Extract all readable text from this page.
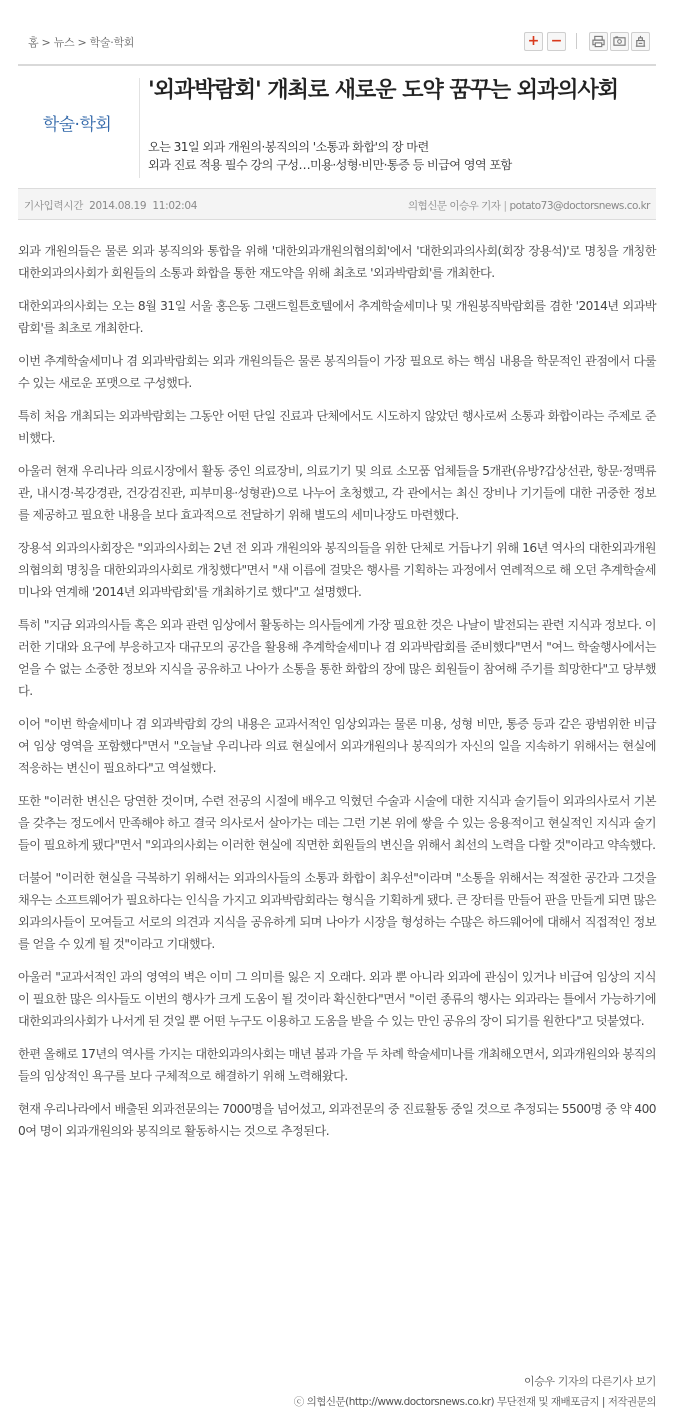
홈 > 뉴스 > 학술·학회	+ −
학술·학회
'외과박람회' 개최로 새로운 도약 꿈꾸는 외과의사회
오는 31일 외과 개원의·봉직의의 '소통과 화합'의 장 마련
외과 진료 적용 필수 강의 구성…미용·성형·비만·통증 등 비급여 영역 포함
기사입력시간 2014.08.19 11:02:04	의협신문 이승우 기자 | potato73@doctorsnews.co.kr

외과 개원의들은 물론 외과 봉직의와 통합을 위해 '대한외과개원의협의회'에서 '대한외과의사회(회장 장용석)'로 명칭을 개칭한 대한외과의사회가 회원들의 소통과 화합을 통한 재도약을 위해 최초로 '외과박람회'를 개최한다.

대한외과의사회는 오는 8월 31일 서울 홍은동 그랜드힐튼호텔에서 추계학술세미나 및 개원봉직박람회를 겸한 '2014년 외과박람회'를 최초로 개최한다.

이번 추계학술세미나 겸 외과박람회는 외과 개원의들은 물론 봉직의들이 가장 필요로 하는 핵심 내용을 학문적인 관점에서 다룰 수 있는 새로운 포맷으로 구성했다.

특히 처음 개최되는 외과박람회는 그동안 어떤 단일 진료과 단체에서도 시도하지 않았던 행사로써 소통과 화합이라는 주제로 준비했다.

아울러 현재 우리나라 의료시장에서 활동 중인 의료장비, 의료기기 및 의료 소모품 업체들을 5개관(유방?갑상선관, 항문·정맥류관, 내시경·복강경관, 건강검진관, 피부미용·성형관)으로 나누어 초청했고, 각 관에서는 최신 장비나 기기들에 대한 귀중한 정보를 제공하고 필요한 내용을 보다 효과적으로 전달하기 위해 별도의 세미나장도 마련했다.

장용석 외과의사회장은 "외과의사회는 2년 전 외과 개원의와 봉직의들을 위한 단체로 거듭나기 위해 16년 역사의 대한외과개원의협의회 명칭을 대한외과의사회로 개칭했다"면서 "새 이름에 걸맞은 행사를 기획하는 과정에서 연례적으로 해 오던 추계학술세미나와 연계해 '2014년 외과박람회'를 개최하기로 했다"고 설명했다.

특히 "지금 외과의사들 혹은 외과 관련 임상에서 활동하는 의사들에게 가장 필요한 것은 나날이 발전되는 관련 지식과 정보다. 이러한 기대와 요구에 부응하고자 대규모의 공간을 활용해 추계학술세미나 겸 외과박람회를 준비했다"면서 "여느 학술행사에서는 얻을 수 없는 소중한 정보와 지식을 공유하고 나아가 소통을 통한 화합의 장에 많은 회원들이 참여해 주기를 희망한다"고 당부했다.

이어 "이번 학술세미나 겸 외과박람회 강의 내용은 교과서적인 임상외과는 물론 미용, 성형 비만, 통증 등과 같은 광범위한 비급여 임상 영역을 포함했다"면서 "오늘날 우리나라 의료 현실에서 외과개원의나 봉직의가 자신의 일을 지속하기 위해서는 현실에 적응하는 변신이 필요하다"고 역설했다.

또한 "이러한 변신은 당연한 것이며, 수련 전공의 시절에 배우고 익혔던 수술과 시술에 대한 지식과 술기들이 외과의사로서 기본을 갖추는 정도에서 만족해야 하고 결국 의사로서 살아가는 데는 그런 기본 위에 쌓을 수 있는 응용적이고 현실적인 지식과 술기들이 필요하게 됐다"면서 "외과의사회는 이러한 현실에 직면한 회원들의 변신을 위해서 최선의 노력을 다할 것"이라고 약속했다.

더불어 "이러한 현실을 극복하기 위해서는 외과의사들의 소통과 화합이 최우선"이라며 "소통을 위해서는 적절한 공간과 그것을 채우는 소프트웨어가 필요하다는 인식을 가지고 외과박람회라는 형식을 기획하게 됐다. 큰 장터를 만들어 판을 만들게 되면 많은 외과의사들이 모여들고 서로의 의견과 지식을 공유하게 되며 나아가 시장을 형성하는 수많은 하드웨어에 대해서 직접적인 정보를 얻을 수 있게 될 것"이라고 기대했다.

아울러 "교과서적인 과의 영역의 벽은 이미 그 의미를 잃은 지 오래다. 외과 뿐 아니라 외과에 관심이 있거나 비급여 임상의 지식이 필요한 많은 의사들도 이번의 행사가 크게 도움이 될 것이라 확신한다"면서 "이런 종류의 행사는 외과라는 틀에서 가능하기에 대한외과의사회가 나서게 된 것일 뿐 어떤 누구도 이용하고 도움을 받을 수 있는 만인 공유의 장이 되기를 원한다"고 덧붙였다.

한편 올해로 17년의 역사를 가지는 대한외과의사회는 매년 봄과 가을 두 차례 학술세미나를 개최해오면서, 외과개원의와 봉직의들의 임상적인 욕구를 보다 구체적으로 해결하기 위해 노력해왔다.

현재 우리나라에서 배출된 외과전문의는 7000명을 넘어섰고, 외과전문의 중 진료활동 중일 것으로 추정되는 5500명 중 약 4000여 명이 외과개원의와 봉직의로 활동하시는 것으로 추정된다.

이승우 기자의 다른기사 보기
ⓒ 의협신문(http://www.doctorsnews.co.kr) 무단전재 및 재배포금지 | 저작권문의
